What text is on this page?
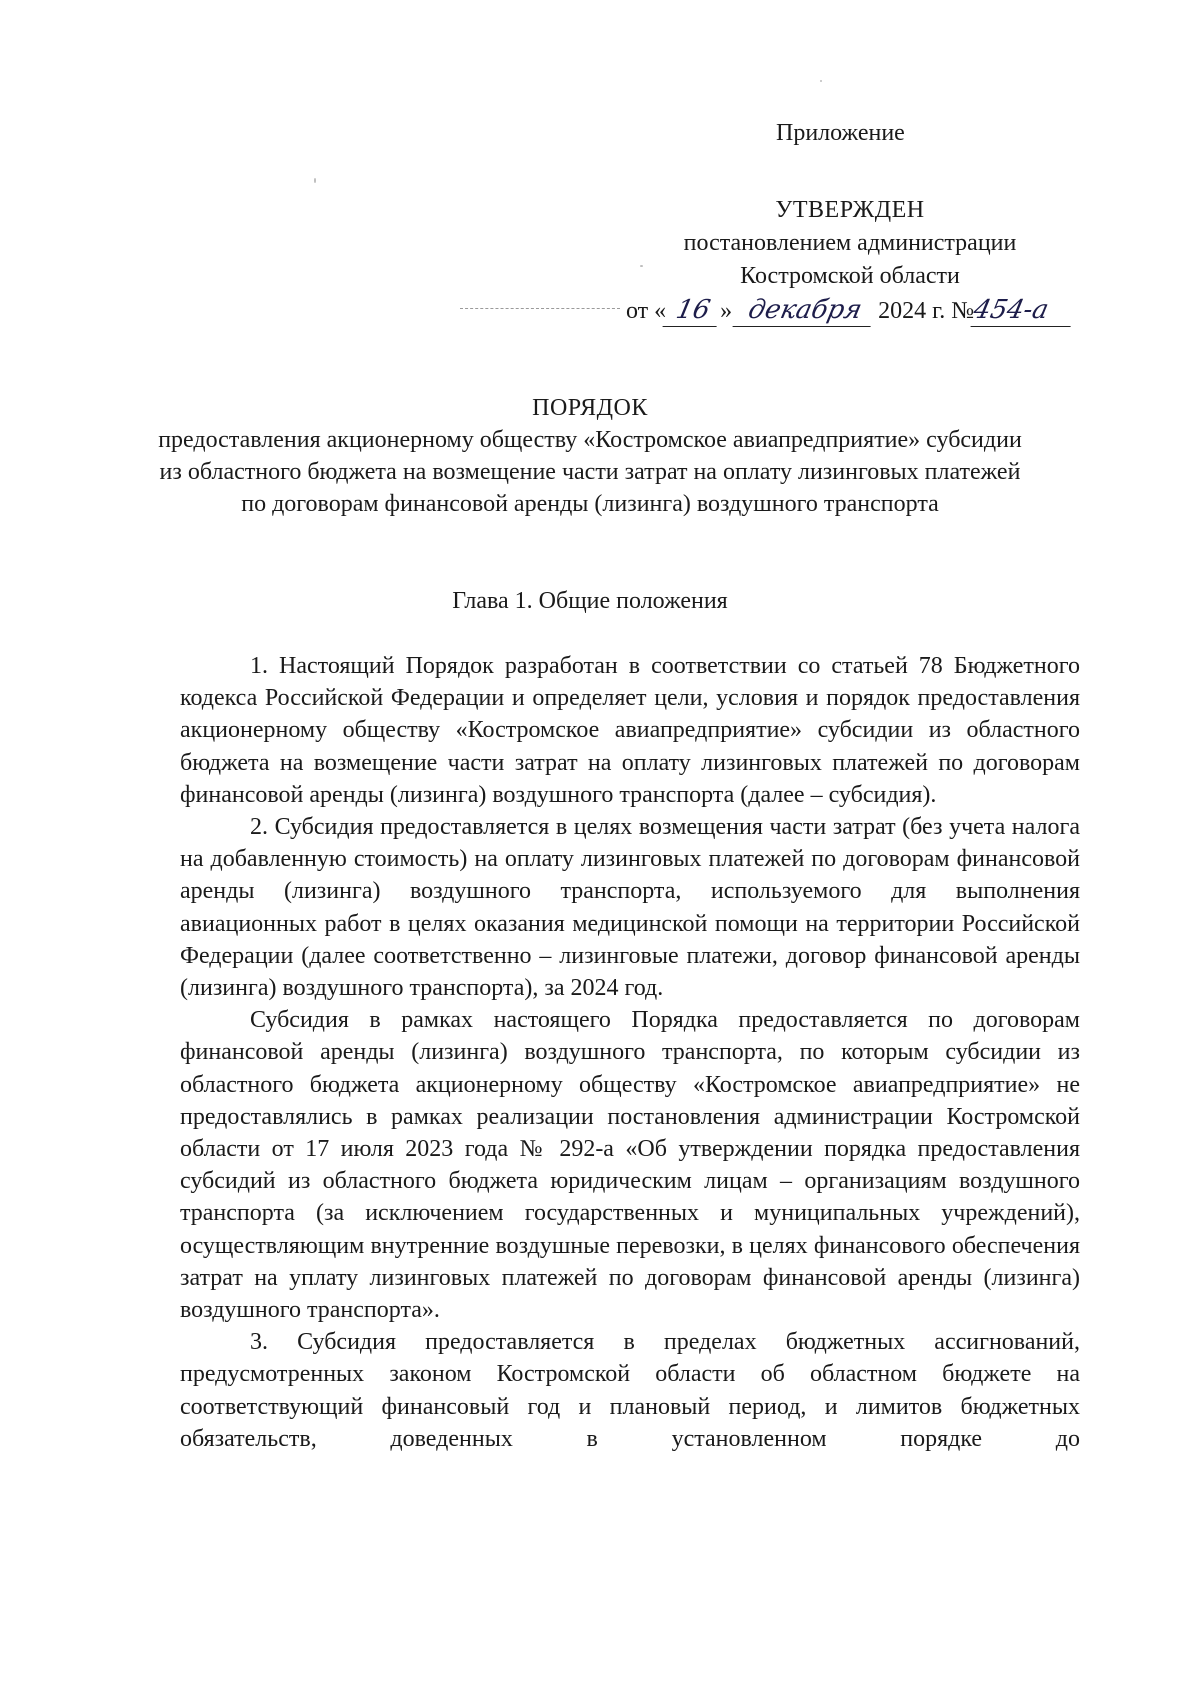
Приложение
УТВЕРЖДЕН
постановлением администрации
Костромской области
от « 16 » декабря 2024 г. №454-а
ПОРЯДОК
предоставления акционерному обществу «Костромское авиапредприятие» субсидии из областного бюджета на возмещение части затрат на оплату лизинговых платежей по договорам финансовой аренды (лизинга) воздушного транспорта
Глава 1. Общие положения

1. Настоящий Порядок разработан в соответствии со статьей 78 Бюджетного кодекса Российской Федерации и определяет цели, условия и порядок предоставления акционерному обществу «Костромское авиапредприятие» субсидии из областного бюджета на возмещение части затрат на оплату лизинговых платежей по договорам финансовой аренды (лизинга) воздушного транспорта (далее – субсидия).

2. Субсидия предоставляется в целях возмещения части затрат (без учета налога на добавленную стоимость) на оплату лизинговых платежей по договорам финансовой аренды (лизинга) воздушного транспорта, используемого для выполнения авиационных работ в целях оказания медицинской помощи на территории Российской Федерации (далее соответственно – лизинговые платежи, договор финансовой аренды (лизинга) воздушного транспорта), за 2024 год.

Субсидия в рамках настоящего Порядка предоставляется по договорам финансовой аренды (лизинга) воздушного транспорта, по которым субсидии из областного бюджета акционерному обществу «Костромское авиапредприятие» не предоставлялись в рамках реализации постановления администрации Костромской области от 17 июля 2023 года № 292-а «Об утверждении порядка предоставления субсидий из областного бюджета юридическим лицам – организациям воздушного транспорта (за исключением государственных и муниципальных учреждений), осуществляющим внутренние воздушные перевозки, в целях финансового обеспечения затрат на уплату лизинговых платежей по договорам финансовой аренды (лизинга) воздушного транспорта».

3. Субсидия предоставляется в пределах бюджетных ассигнований, предусмотренных законом Костромской области об областном бюджете на соответствующий финансовый год и плановый период, и лимитов бюджетных обязательств, доведенных в установленном порядке до
